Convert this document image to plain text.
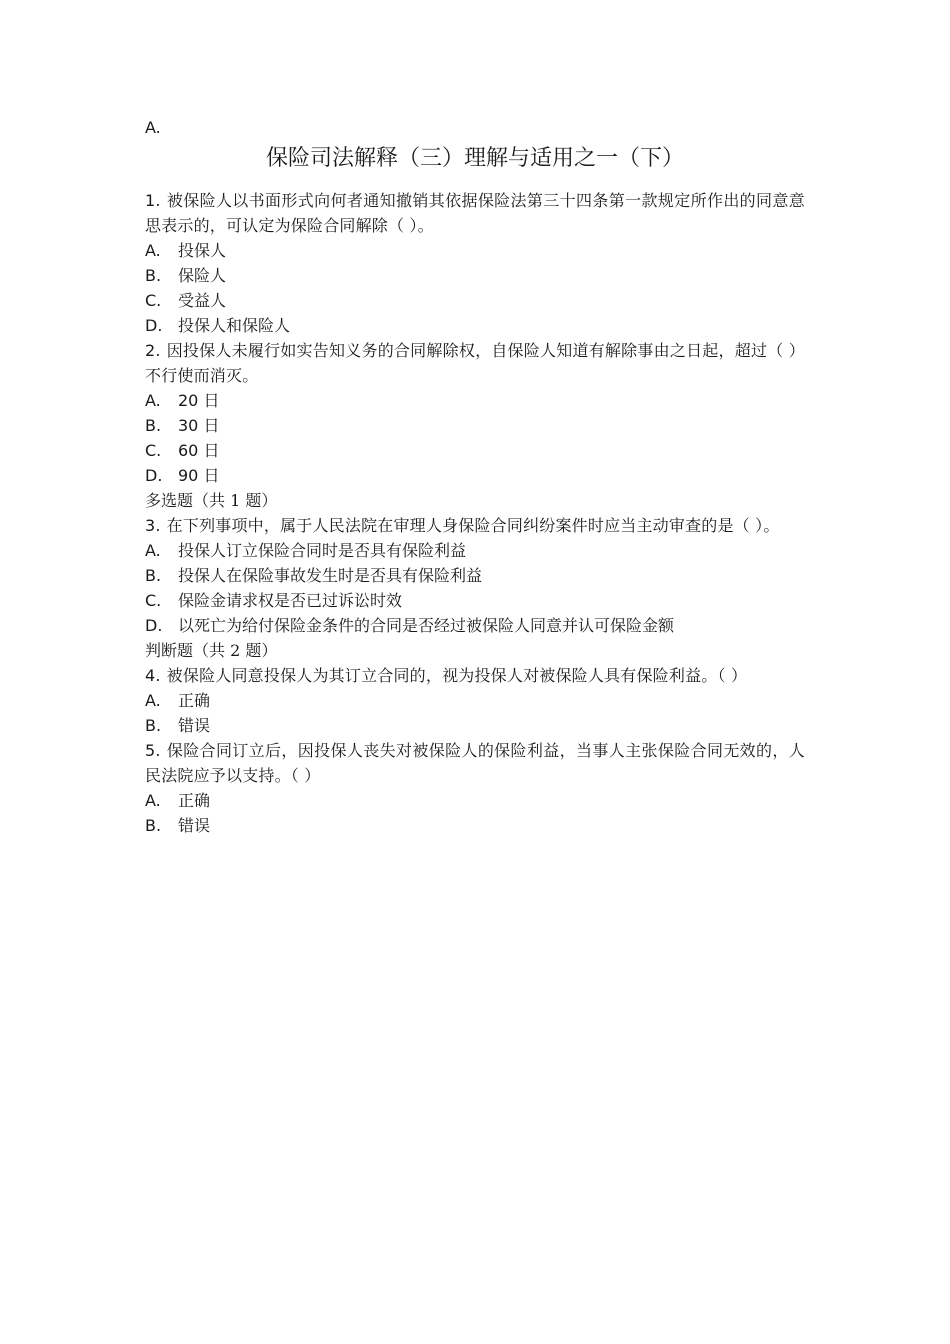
A.
保险司法解释（三）理解与适用之一（下）
1. 被保险人以书面形式向何者通知撤销其依据保险法第三十四条第一款规定所作出的同意意思表示的，可认定为保险合同解除（ ）。
A.	投保人
B.	保险人
C.	受益人
D. 投保人和保险人
2. 因投保人未履行如实告知义务的合同解除权，自保险人知道有解除事由之日起，超过（ ）不行使而消灭。
A.	20 日
B.	30 日
C.	60 日
D. 90 日
多选题（共 1 题）
3. 在下列事项中，属于人民法院在审理人身保险合同纠纷案件时应当主动审查的是（ ）。
A.	投保人订立保险合同时是否具有保险利益
B.	投保人在保险事故发生时是否具有保险利益
C.	保险金请求权是否已过诉讼时效
D. 以死亡为给付保险金条件的合同是否经过被保险人同意并认可保险金额
判断题（共 2 题）
4. 被保险人同意投保人为其订立合同的，视为投保人对被保险人具有保险利益。（ ）
A.	正确
B.	错误
5. 保险合同订立后，因投保人丧失对被保险人的保险利益，当事人主张保险合同无效的，人民法院应予以支持。（ ）
A.	正确
B.	错误
